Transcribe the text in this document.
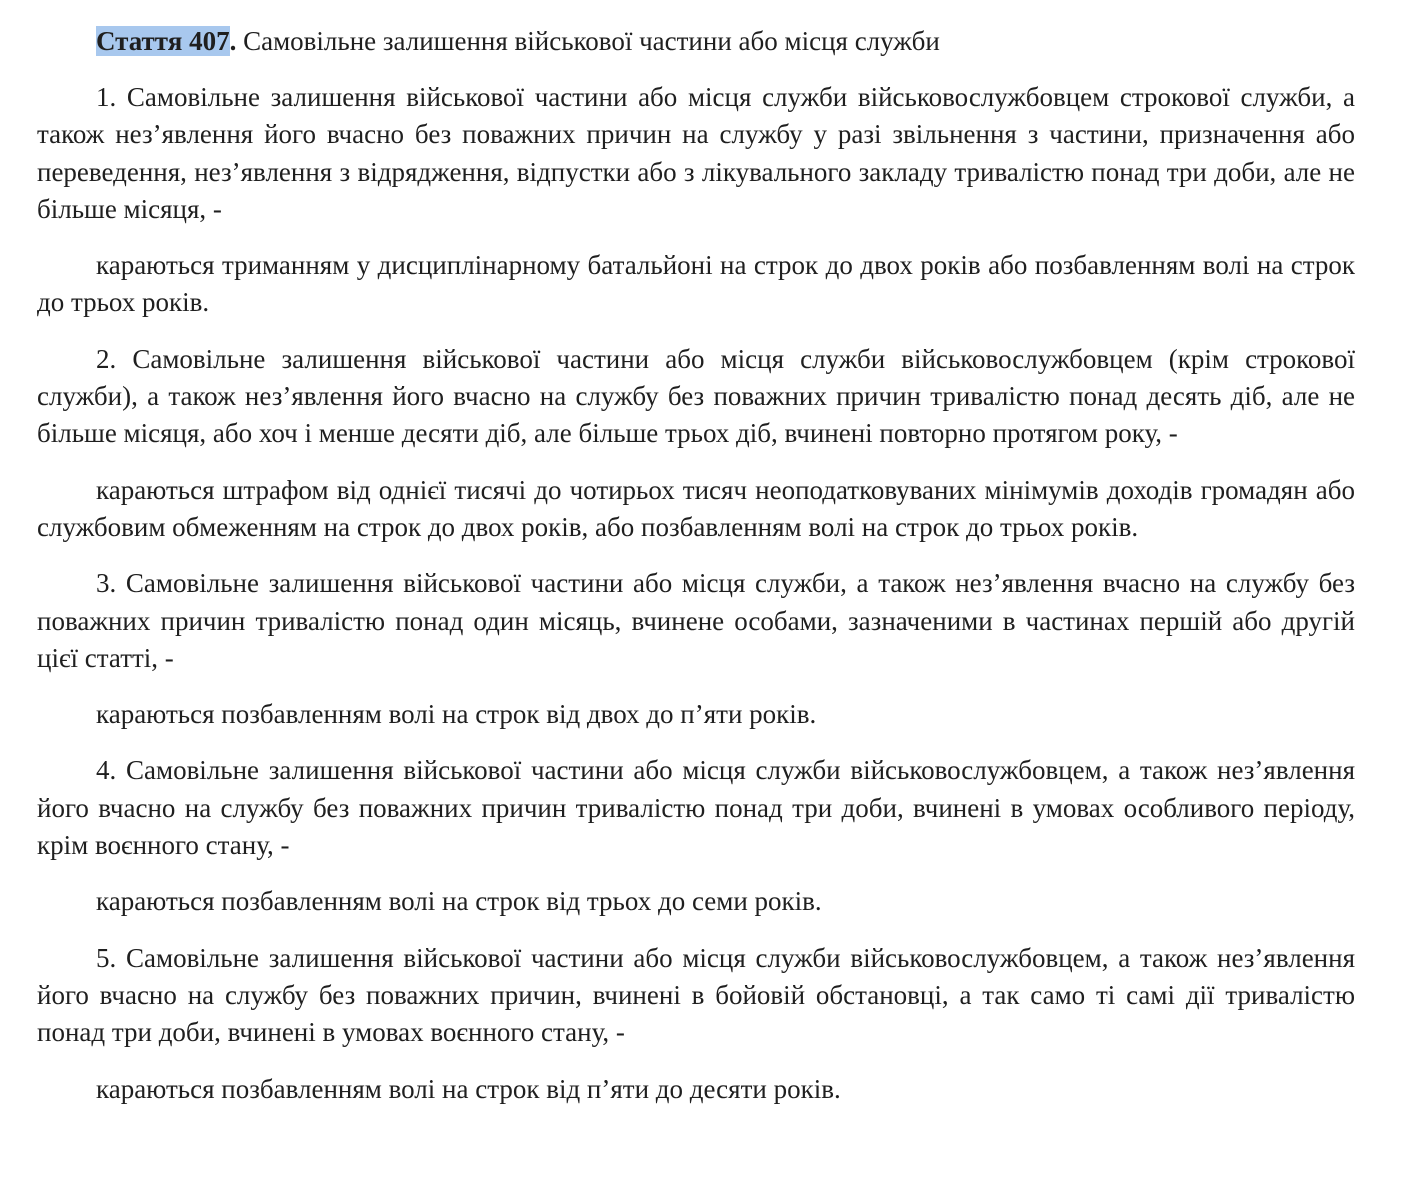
Стаття 407. Самовільне залишення військової частини або місця служби

1. Самовільне залишення військової частини або місця служби військовослужбовцем строкової служби, а також нез’явлення його вчасно без поважних причин на службу у разі звільнення з частини, призначення або переведення, нез’явлення з відрядження, відпустки або з лікувального закладу тривалістю понад три доби, але не більше місяця, -

караються триманням у дисциплінарному батальйоні на строк до двох років або позбавленням волі на строк до трьох років.

2. Самовільне залишення військової частини або місця служби військовослужбовцем (крім строкової служби), а також нез’явлення його вчасно на службу без поважних причин тривалістю понад десять діб, але не більше місяця, або хоч і менше десяти діб, але більше трьох діб, вчинені повторно протягом року, -

караються штрафом від однієї тисячі до чотирьох тисяч неоподатковуваних мінімумів доходів громадян або службовим обмеженням на строк до двох років, або позбавленням волі на строк до трьох років.

3. Самовільне залишення військової частини або місця служби, а також нез’явлення вчасно на службу без поважних причин тривалістю понад один місяць, вчинене особами, зазначеними в частинах першій або другій цієї статті, -

караються позбавленням волі на строк від двох до п’яти років.

4. Самовільне залишення військової частини або місця служби військовослужбовцем, а також нез’явлення його вчасно на службу без поважних причин тривалістю понад три доби, вчинені в умовах особливого періоду, крім воєнного стану, -

караються позбавленням волі на строк від трьох до семи років.

5. Самовільне залишення військової частини або місця служби військовослужбовцем, а також нез’явлення його вчасно на службу без поважних причин, вчинені в бойовій обстановці, а так само ті самі дії тривалістю понад три доби, вчинені в умовах воєнного стану, -

караються позбавленням волі на строк від п’яти до десяти років.
